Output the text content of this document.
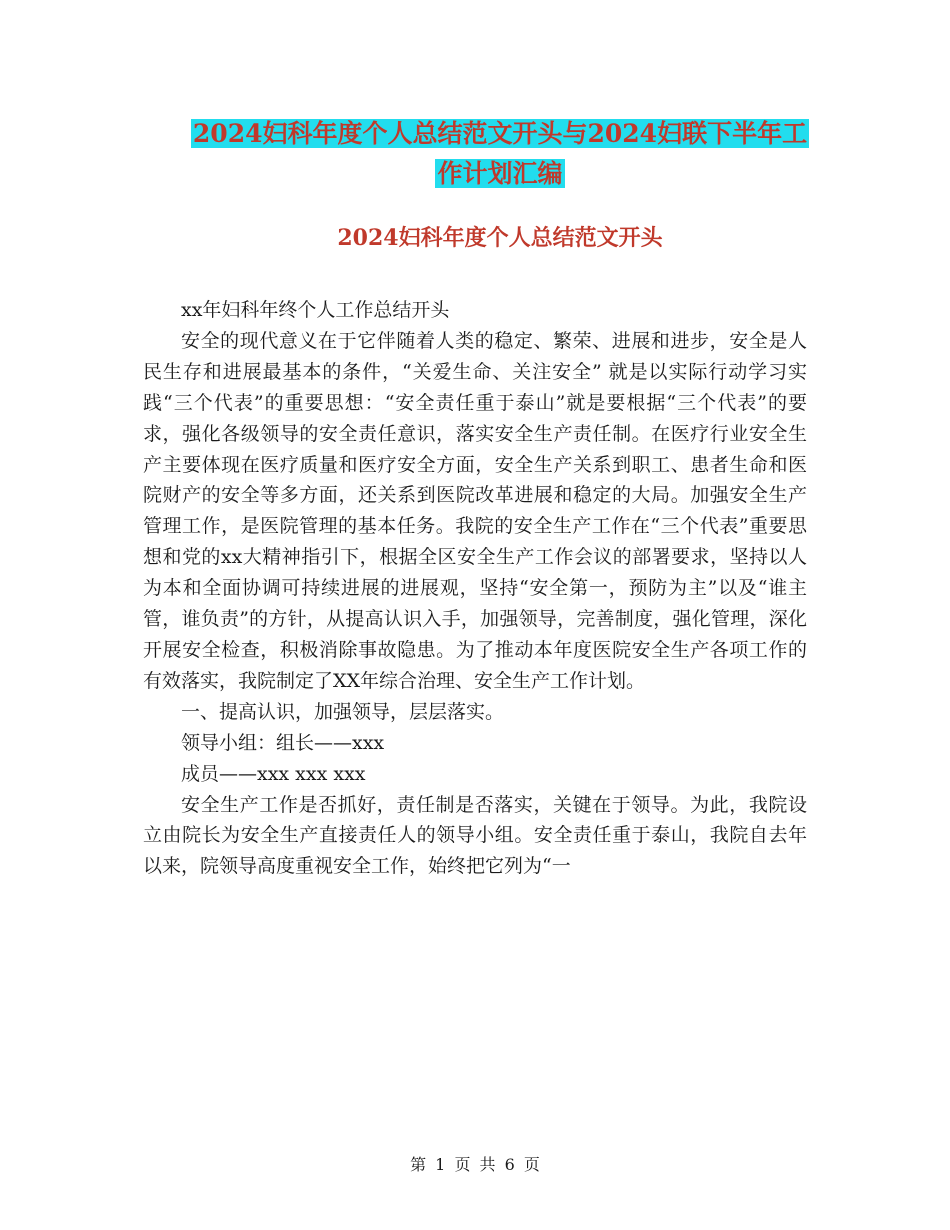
2024妇科年度个人总结范文开头与2024妇联下半年工
作计划汇编
2024妇科年度个人总结范文开头

xx年妇科年终个人工作总结开头

安全的现代意义在于它伴随着人类的稳定、繁荣、进展和进步，安全是人民生存和进展最基本的条件，“关爱生命、关注安全” 就是以实际行动学习实践“三个代表”的重要思想：“安全责任重于泰山”就是要根据“三个代表”的要求，强化各级领导的安全责任意识，落实安全生产责任制。在医疗行业安全生产主要体现在医疗质量和医疗安全方面，安全生产关系到职工、患者生命和医院财产的安全等多方面，还关系到医院改革进展和稳定的大局。加强安全生产管理工作，是医院管理的基本任务。我院的安全生产工作在“三个代表”重要思想和党的xx大精神指引下，根据全区安全生产工作会议的部署要求，坚持以人为本和全面协调可持续进展的进展观，坚持“安全第一，预防为主”以及“谁主管，谁负责”的方针，从提高认识入手，加强领导，完善制度，强化管理，深化开展安全检查，积极消除事故隐患。为了推动本年度医院安全生产各项工作的有效落实，我院制定了XX年综合治理、安全生产工作计划。

一、提高认识，加强领导，层层落实。

领导小组：组长——xxx

成员——xxx xxx xxx

安全生产工作是否抓好，责任制是否落实，关键在于领导。为此，我院设立由院长为安全生产直接责任人的领导小组。安全责任重于泰山，我院自去年以来，院领导高度重视安全工作，始终把它列为“一

第 1 页 共 6 页
